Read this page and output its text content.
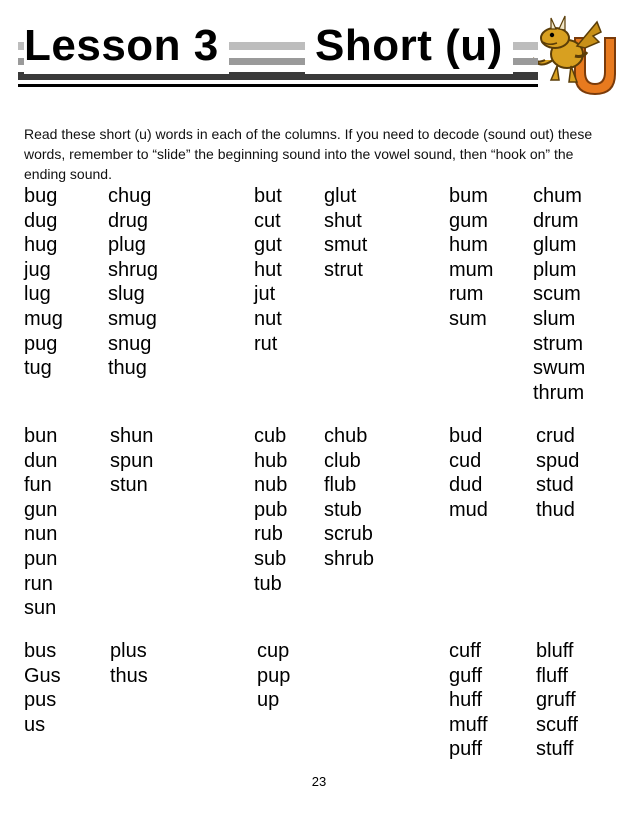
Lesson 3 Short (u)

Read these short (u) words in each of the columns. If you need to decode (sound out) these words, remember to “slide” the beginning sound into the vowel sound, then “hook on” the ending sound.

bug
dug
hug
jug
lug
mug
pug
tug
chug
drug
plug
shrug
slug
smug
snug
thug
but
cut
gut
hut
jut
nut
rut
glut
shut
smut
strut
bum
gum
hum
mum
rum
sum
chum
drum
glum
plum
scum
slum
strum
swum
thrum
bun
dun
fun
gun
nun
pun
run
sun
shun
spun
stun
cub
hub
nub
pub
rub
sub
tub
chub
club
flub
stub
scrub
shrub
bud
cud
dud
mud
crud
spud
stud
thud
bus
Gus
pus
us
plus
thus
cup
pup
up
cuff
guff
huff
muff
puff
bluff
fluff
gruff
scuff
stuff
23
